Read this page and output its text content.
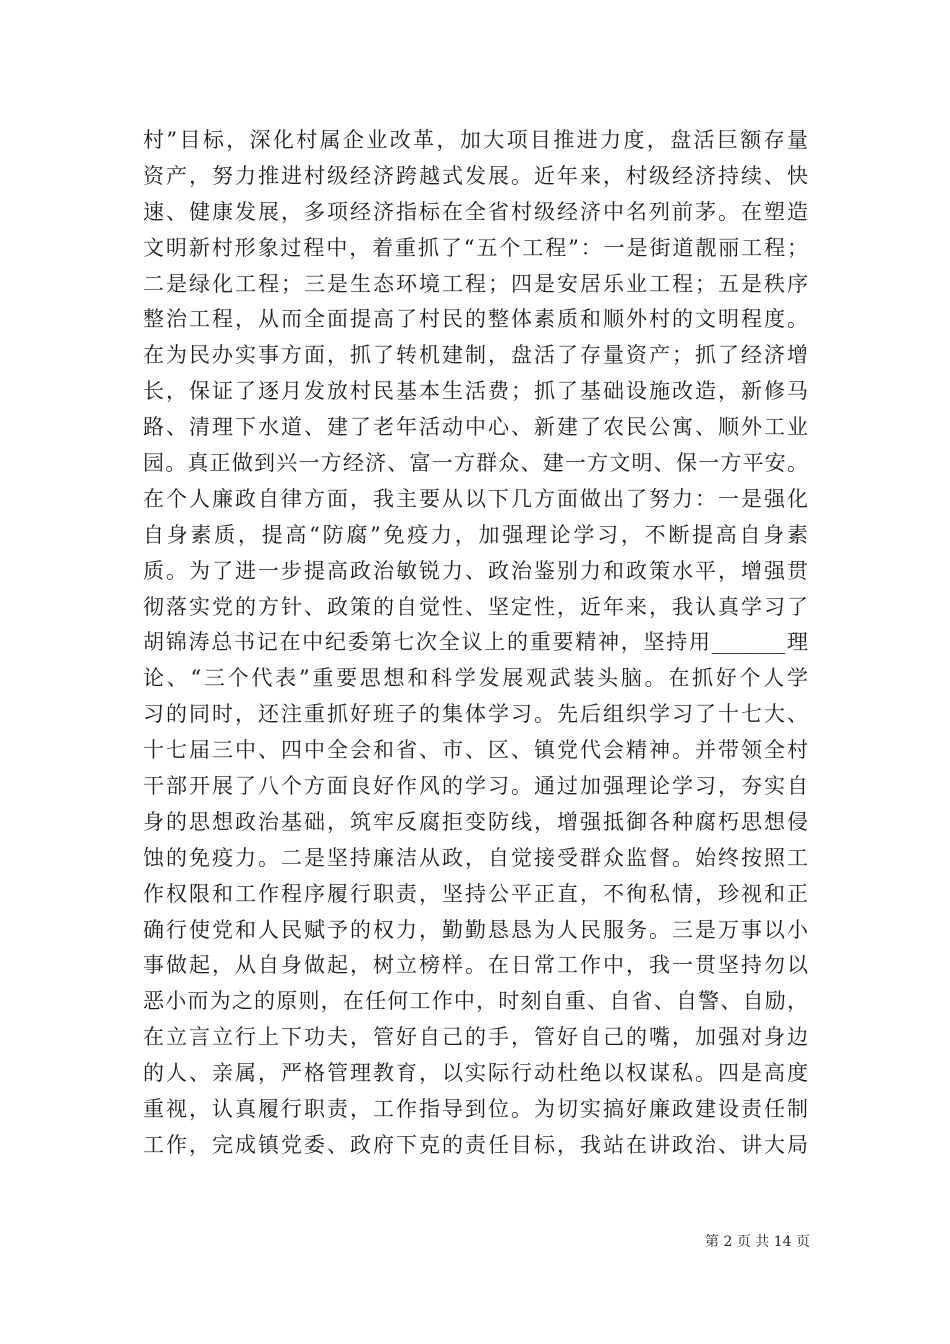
村”目标，深化村属企业改革，加大项目推进力度，盘活巨额存量
资产，努力推进村级经济跨越式发展。近年来，村级经济持续、快
速、健康发展，多项经济指标在全省村级经济中名列前茅。在塑造
文明新村形象过程中，着重抓了“五个工程”：一是街道靓丽工程；
二是绿化工程；三是生态环境工程；四是安居乐业工程；五是秩序
整治工程，从而全面提高了村民的整体素质和顺外村的文明程度。
在为民办实事方面，抓了转机建制，盘活了存量资产；抓了经济增
长，保证了逐月发放村民基本生活费；抓了基础设施改造，新修马
路、清理下水道、建了老年活动中心、新建了农民公寓、顺外工业
园。真正做到兴一方经济、富一方群众、建一方文明、保一方平安。
在个人廉政自律方面，我主要从以下几方面做出了努力：一是强化
自身素质，提高“防腐”免疫力，加强理论学习，不断提高自身素
质。为了进一步提高政治敏锐力、政治鉴别力和政策水平，增强贯
彻落实党的方针、政策的自觉性、坚定性，近年来，我认真学习了
胡锦涛总书记在中纪委第七次全议上的重要精神，坚持用_______理
论、“三个代表”重要思想和科学发展观武装头脑。在抓好个人学
习的同时，还注重抓好班子的集体学习。先后组织学习了十七大、
十七届三中、四中全会和省、市、区、镇党代会精神。并带领全村
干部开展了八个方面良好作风的学习。通过加强理论学习，夯实自
身的思想政治基础，筑牢反腐拒变防线，增强抵御各种腐朽思想侵
蚀的免疫力。二是坚持廉洁从政，自觉接受群众监督。始终按照工
作权限和工作程序履行职责，坚持公平正直，不徇私情，珍视和正
确行使党和人民赋予的权力，勤勤恳恳为人民服务。三是万事以小
事做起，从自身做起，树立榜样。在日常工作中，我一贯坚持勿以
恶小而为之的原则，在任何工作中，时刻自重、自省、自警、自励，
在立言立行上下功夫，管好自己的手，管好自己的嘴，加强对身边
的人、亲属，严格管理教育，以实际行动杜绝以权谋私。四是高度
重视，认真履行职责，工作指导到位。为切实搞好廉政建设责任制
工作，完成镇党委、政府下克的责任目标，我站在讲政治、讲大局
第 2 页 共 14 页
